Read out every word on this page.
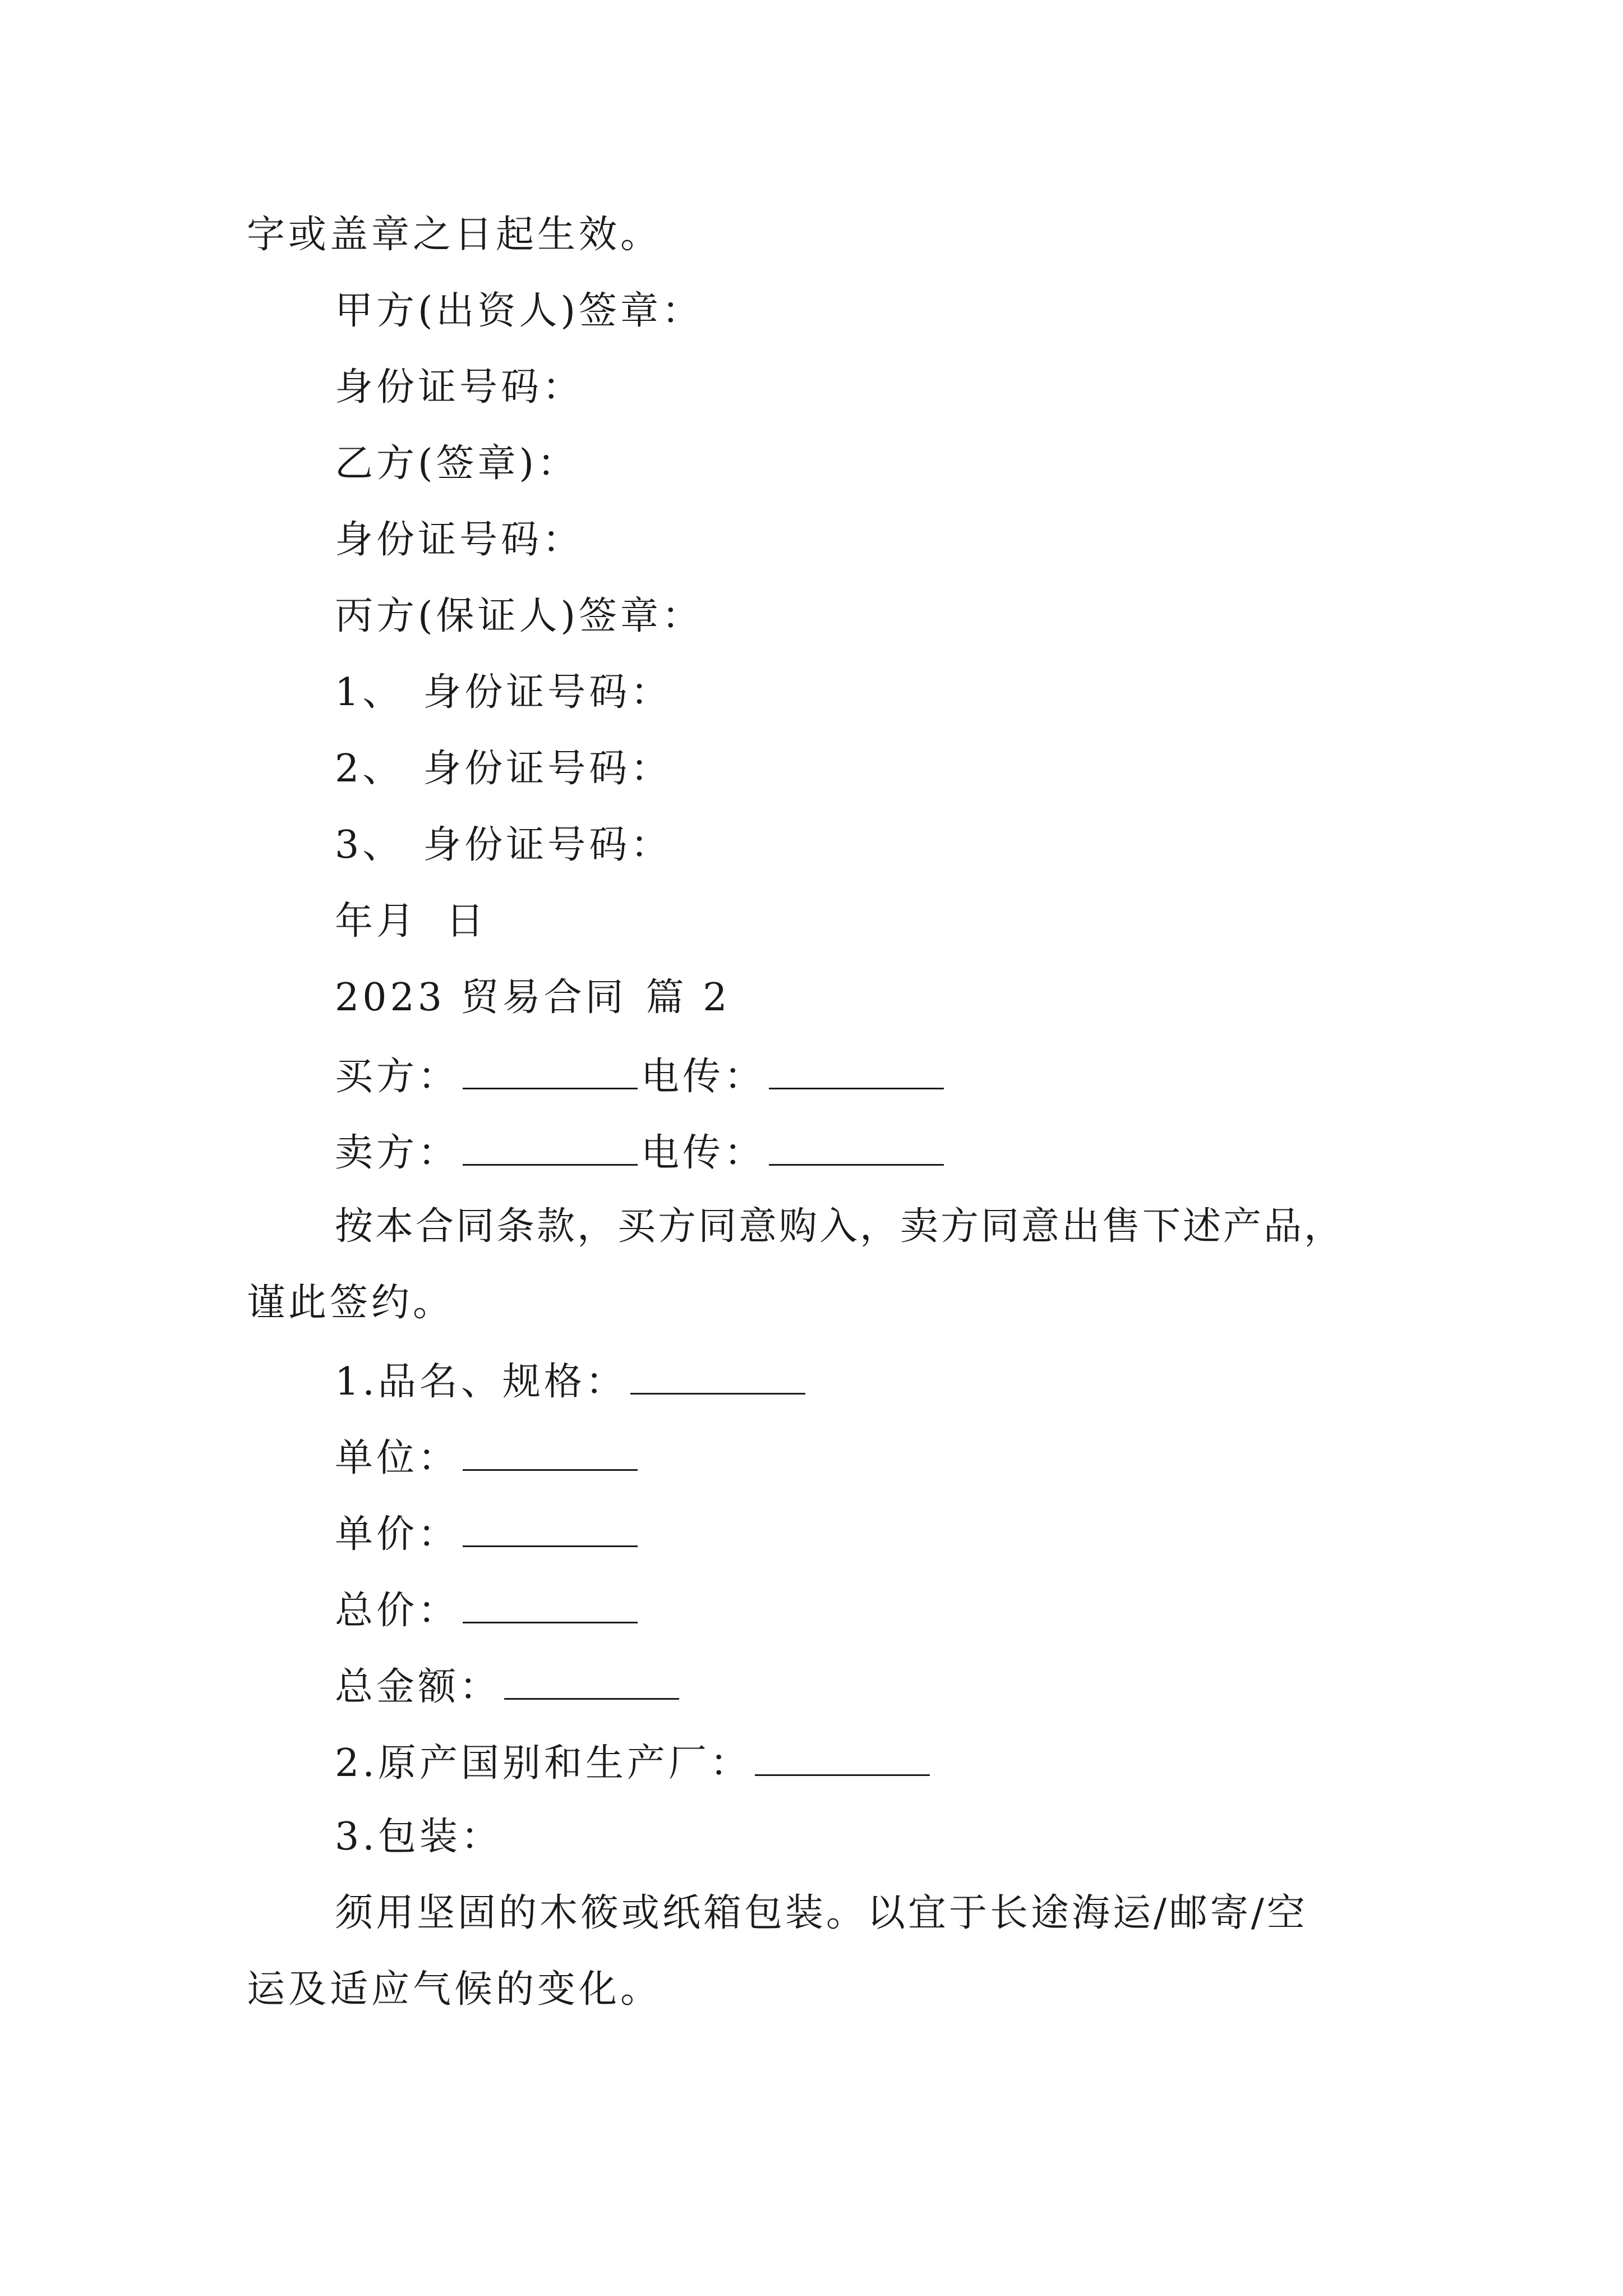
字或盖章之日起生效。
甲方(出资人)签章：
身份证号码：
乙方(签章)：
身份证号码：
丙方(保证人)签章：
1、 身份证号码：
2、 身份证号码：
3、 身份证号码：
年月 日
2023 贸易合同 篇 2
买方：	电传：
卖方：	电传：
按本合同条款，买方同意购入，卖方同意出售下述产品，
谨此签约。
1.品名、规格：
单位：
单价：
总价：
总金额：
2.原产国别和生产厂：
3.包装：
须用坚固的木筱或纸箱包装。以宜于长途海运/邮寄/空
运及适应气候的变化。
